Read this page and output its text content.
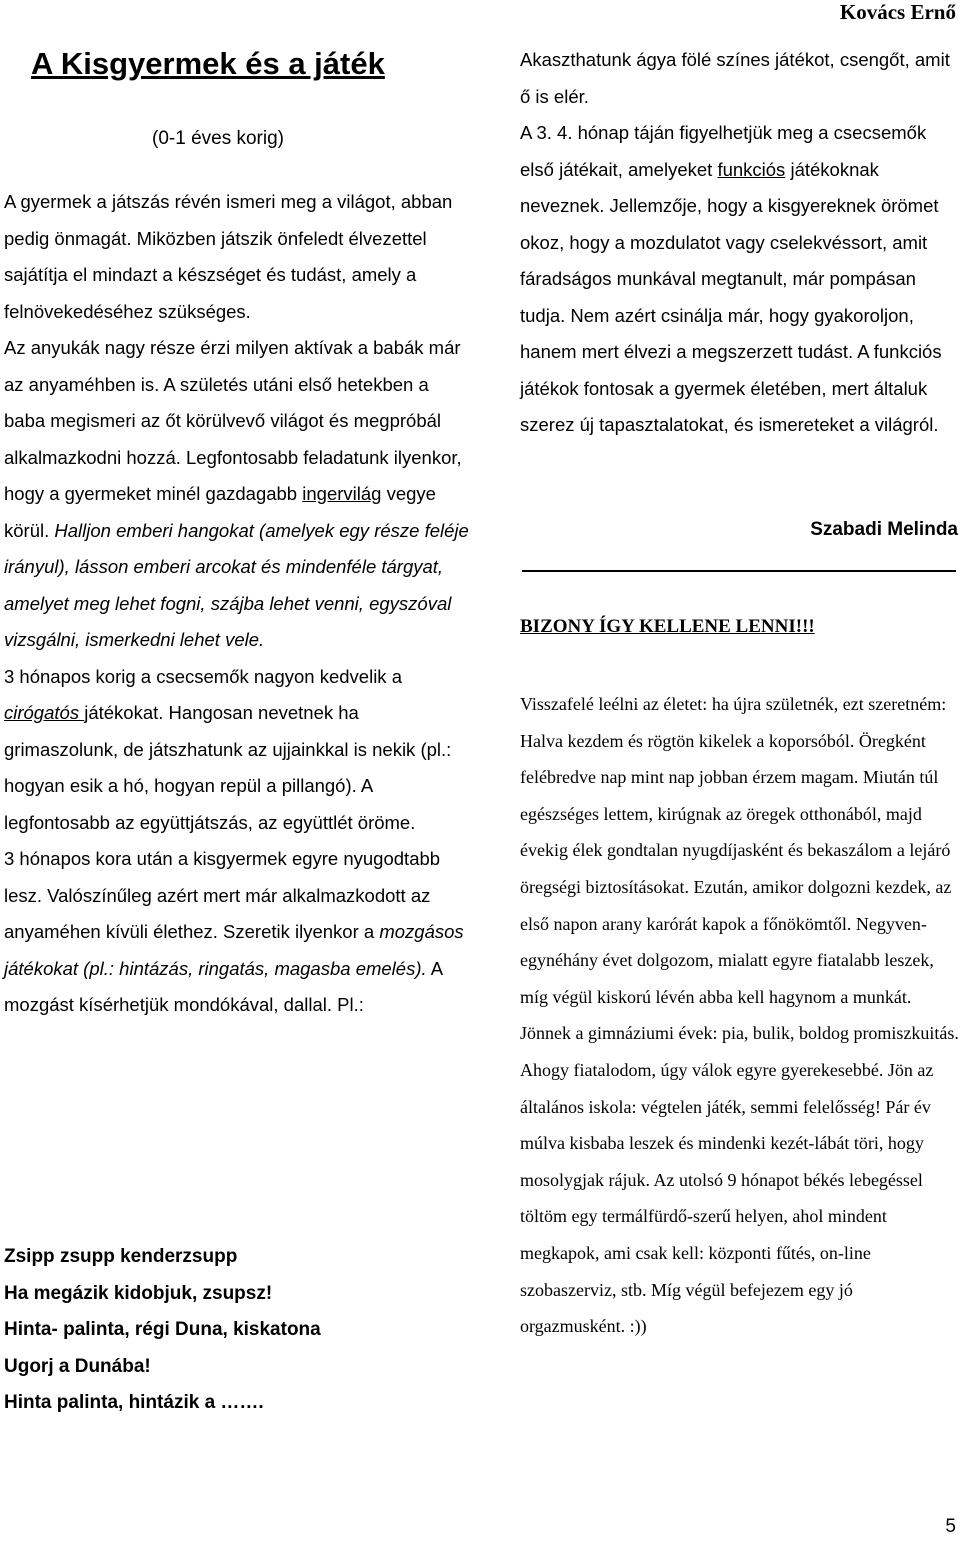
Kovács Ernő
A Kisgyermek és a játék
(0-1 éves korig)

A gyermek a játszás révén ismeri meg a világot, abban pedig önmagát. Miközben játszik önfeledt élvezettel sajátítja el mindazt a készséget és tudást, amely a felnövekedéséhez szükséges.

Az anyukák nagy része érzi milyen aktívak a babák már az anyaméhben is. A születés utáni első hetekben a baba megismeri az őt körülvevő világot és megpróbál alkalmazkodni hozzá. Legfontosabb feladatunk ilyenkor, hogy a gyermeket minél gazdagabb ingervilág vegye körül. Halljon emberi hangokat (amelyek egy része feléje irányul), lásson emberi arcokat és mindenféle tárgyat, amelyet meg lehet fogni, szájba lehet venni, egyszóval vizsgálni, ismerkedni lehet vele.

3 hónapos korig a csecsemők nagyon kedvelik a cirógatós játékokat. Hangosan nevetnek ha grimaszolunk, de játszhatunk az ujjainkkal is nekik (pl.: hogyan esik a hó, hogyan repül a pillangó). A legfontosabb az együttjátszás, az együttlét öröme.

3 hónapos kora után a kisgyermek egyre nyugodtabb lesz. Valószínűleg azért mert már alkalmazkodott az anyaméhen kívüli élethez. Szeretik ilyenkor a mozgásos játékokat (pl.: hintázás, ringatás, magasba emelés). A mozgást kísérhetjük mondókával, dallal. Pl.:

Zsipp zsupp kenderzsupp

Ha megázik kidobjuk, zsupsz!

Hinta- palinta, régi Duna, kiskatona

Ugorj a Dunába!

Hinta palinta, hintázik a …….

Akaszthatunk ágya fölé színes játékot, csengőt, amit ő is elér.

A 3. 4. hónap táján figyelhetjük meg a csecsemők első játékait, amelyeket funkciós játékoknak neveznek. Jellemzője, hogy a kisgyereknek örömet okoz, hogy a mozdulatot vagy cselekvéssort, amit fáradságos munkával megtanult, már pompásan tudja. Nem azért csinálja már, hogy gyakoroljon, hanem mert élvezi a megszerzett tudást. A funkciós játékok fontosak a gyermek életében, mert általuk szerez új tapasztalatokat, és ismereteket a világról.

Szabadi Melinda
BIZONY ÍGY KELLENE LENNI!!!

Visszafelé leélni az életet: ha újra születnék, ezt szeretném: Halva kezdem és rögtön kikelek a koporsóból. Öregként felébredve nap mint nap jobban érzem magam. Miután túl egészséges lettem, kirúgnak az öregek otthonából, majd évekig élek gondtalan nyugdíjasként és bekaszálom a lejáró öregségi biztosításokat. Ezután, amikor dolgozni kezdek, az első napon arany karórát kapok a főnökömtől. Negyven-egynéhány évet dolgozom, mialatt egyre fiatalabb leszek, míg végül kiskorú lévén abba kell hagynom a munkát. Jönnek a gimnáziumi évek: pia, bulik, boldog promiszkuitás. Ahogy fiatalodom, úgy válok egyre gyerekesebbé. Jön az általános iskola: végtelen játék, semmi felelősség! Pár év múlva kisbaba leszek és mindenki kezét-lábát töri, hogy mosolygjak rájuk. Az utolsó 9 hónapot békés lebegéssel töltöm egy termálfürdő-szerű helyen, ahol mindent megkapok, ami csak kell: központi fűtés, on-line szobaszerviz, stb. Míg végül befejezem egy jó orgazmusként. :))

5
